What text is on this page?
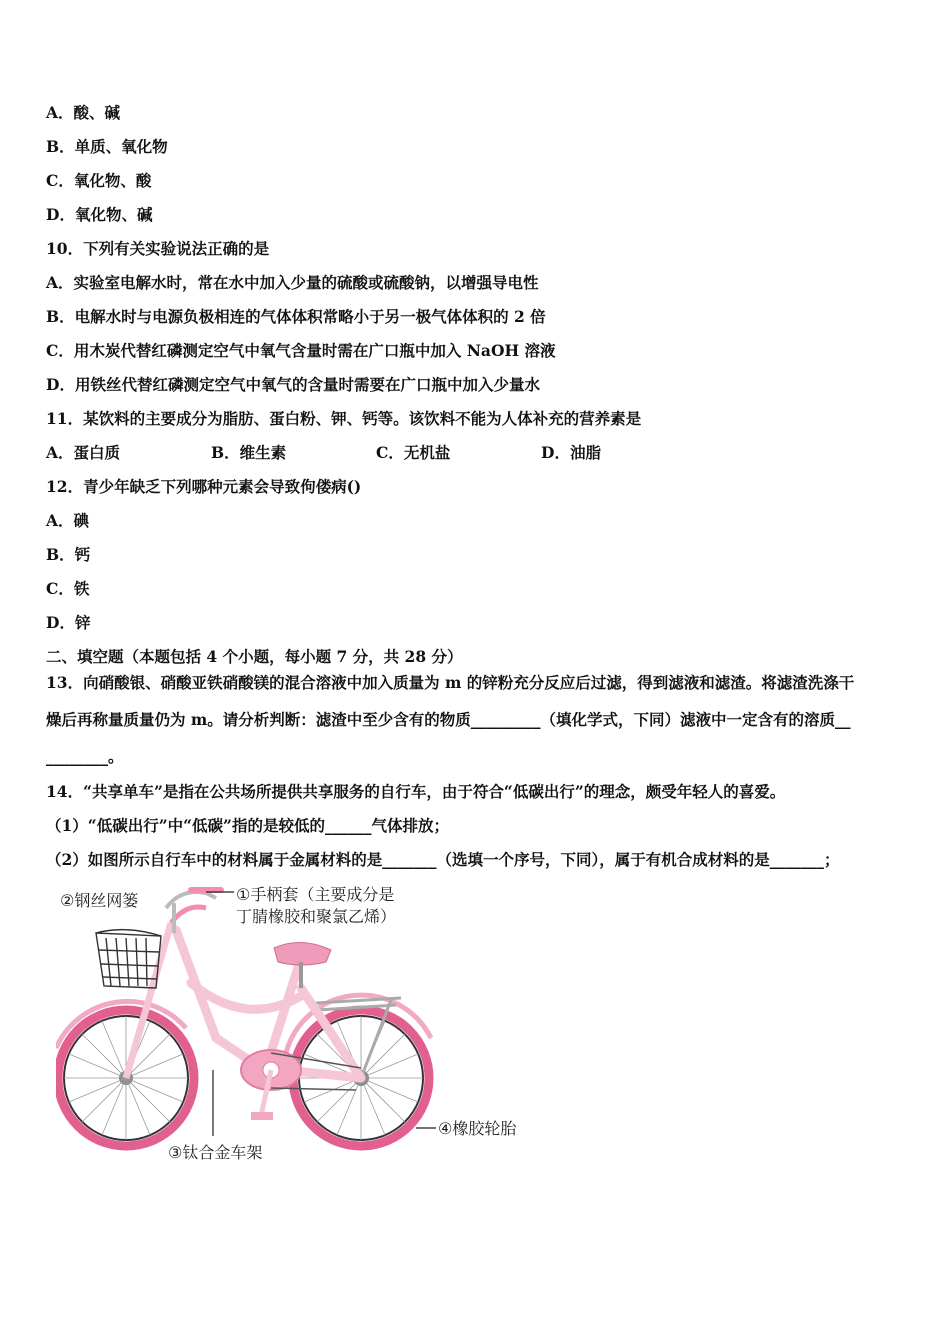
A．酸、碱
B．单质、氧化物
C．氧化物、酸
D．氧化物、碱
10．下列有关实验说法正确的是
A．实验室电解水时，常在水中加入少量的硫酸或硫酸钠，以增强导电性
B．电解水时与电源负极相连的气体体积常略小于另一极气体体积的 2 倍
C．用木炭代替红磷测定空气中氧气含量时需在广口瓶中加入 NaOH 溶液
D．用铁丝代替红磷测定空气中氧气的含量时需要在广口瓶中加入少量水
11．某饮料的主要成分为脂肪、蛋白粉、钾、钙等。该饮料不能为人体补充的营养素是
A．蛋白质	B．维生素	C．无机盐	D．油脂
12．青少年缺乏下列哪种元素会导致佝偻病()
A．碘
B．钙
C．铁
D．锌
二、填空题（本题包括 4 个小题，每小题 7 分，共 28 分）
13．向硝酸银、硝酸亚铁硝酸镁的混合溶液中加入质量为 m 的锌粉充分反应后过滤，得到滤液和滤渣。将滤渣洗涤干
燥后再称量质量仍为 m。请分析判断：滤渣中至少含有的物质_________（填化学式，下同）滤液中一定含有的溶质__
________。
14．“共享单车”是指在公共场所提供共享服务的自行车，由于符合“低碳出行”的理念，颇受年轻人的喜爱。
（1）“低碳出行”中“低碳”指的是较低的______气体排放；
（2）如图所示自行车中的材料属于金属材料的是_______（选填一个序号，下同），属于有机合成材料的是_______；
②钢丝网篓	①手柄套（主要成分是
丁腈橡胶和聚氯乙烯）
③钛合金车架
④橡胶轮胎
